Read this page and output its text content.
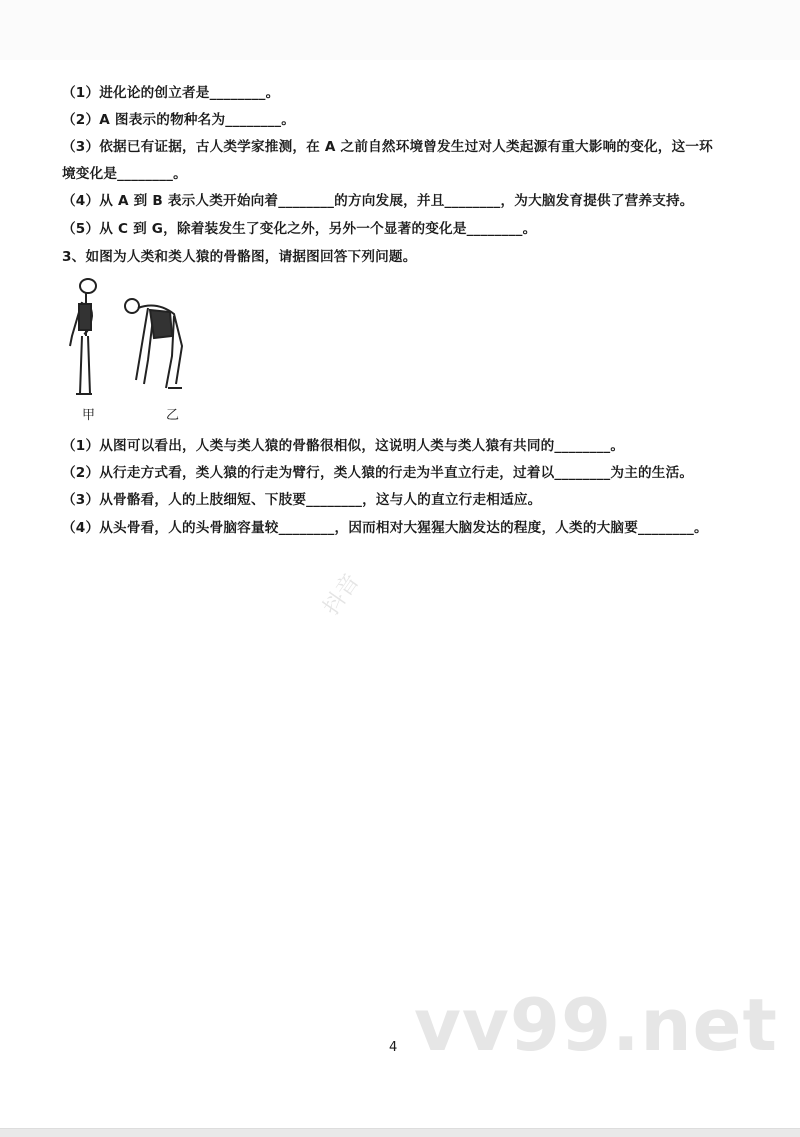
（1）进化论的创立者是________。
（2）A 图表示的物种名为________。
（3）依据已有证据，古人类学家推测，在 A 之前自然环境曾发生过对人类起源有重大影响的变化，这一环
境变化是________。
（4）从 A 到 B 表示人类开始向着________的方向发展，并且________，为大脑发育提供了营养支持。
（5）从 C 到 G，除着装发生了变化之外，另外一个显著的变化是________。
3、如图为人类和类人猿的骨骼图，请据图回答下列问题。
甲	乙
（1）从图可以看出，人类与类人猿的骨骼很相似，这说明人类与类人猿有共同的________。
（2）从行走方式看，类人猿的行走为臂行，类人猿的行走为半直立行走，过着以________为主的生活。
（3）从骨骼看，人的上肢细短、下肢要________，这与人的直立行走相适应。
（4）从头骨看，人的头骨脑容量较________，因而相对大猩猩大脑发达的程度，人类的大脑要________。
抖音
vv99.net
4
